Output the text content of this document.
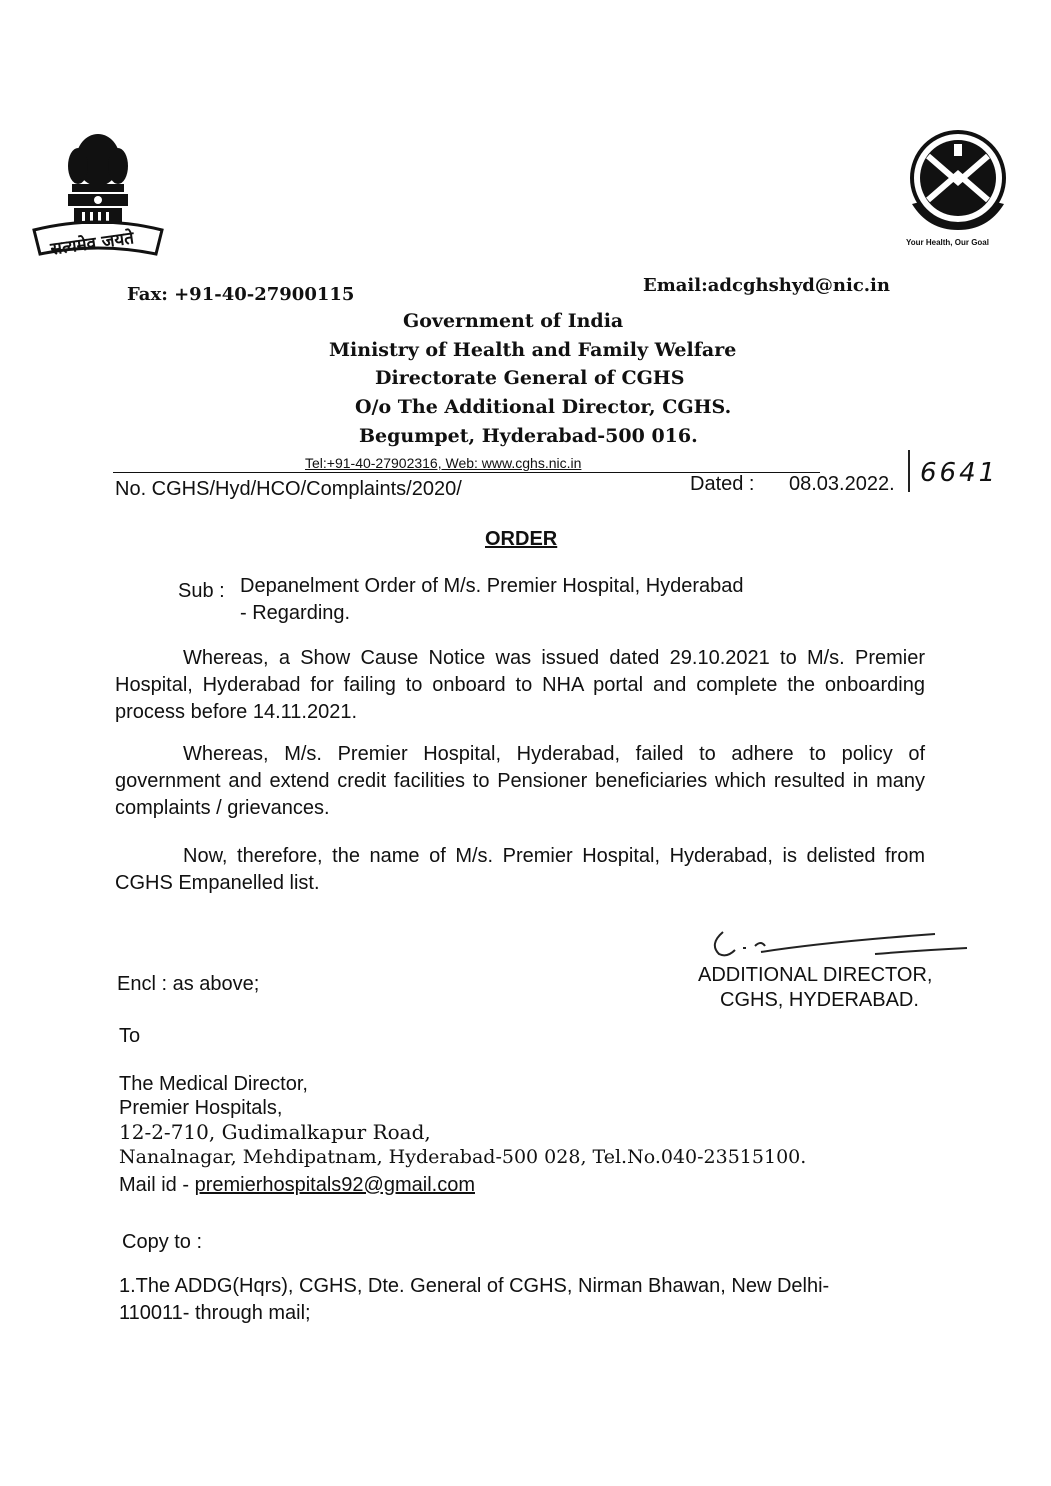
सत्यमेव जयते	Your Health, Our Goal
Fax: +91-40-27900115	Email:adcghshyd@nic.in
Government of India
Ministry of Health and Family Welfare
Directorate General of CGHS
O/o The Additional Director, CGHS.
Begumpet, Hyderabad-500 016.
Tel:+91-40-27902316, Web: www.cghs.nic.in
No. CGHS/Hyd/HCO/Complaints/2020/	Dated : 08.03.2022. 6641
ORDER
Sub : Depanelment Order of M/s. Premier Hospital, Hyderabad
- Regarding.
Whereas, a Show Cause Notice was issued dated 29.10.2021 to M/s. Premier Hospital, Hyderabad for failing to onboard to NHA portal and complete the onboarding process before 14.11.2021.
Whereas, M/s. Premier Hospital, Hyderabad, failed to adhere to policy of government and extend credit facilities to Pensioner beneficiaries which resulted in many complaints / grievances.
Now, therefore, the name of M/s. Premier Hospital, Hyderabad, is delisted from CGHS Empanelled list.
ADDITIONAL DIRECTOR,
CGHS, HYDERABAD.
Encl : as above;
To
The Medical Director,
Premier Hospitals,
12-2-710, Gudimalkapur Road,
Nanalnagar, Mehdipatnam, Hyderabad-500 028, Tel.No.040-23515100.
Mail id - premierhospitals92@gmail.com
Copy to :
1.The ADDG(Hqrs), CGHS, Dte. General of CGHS, Nirman Bhawan, New Delhi-
110011- through mail;
